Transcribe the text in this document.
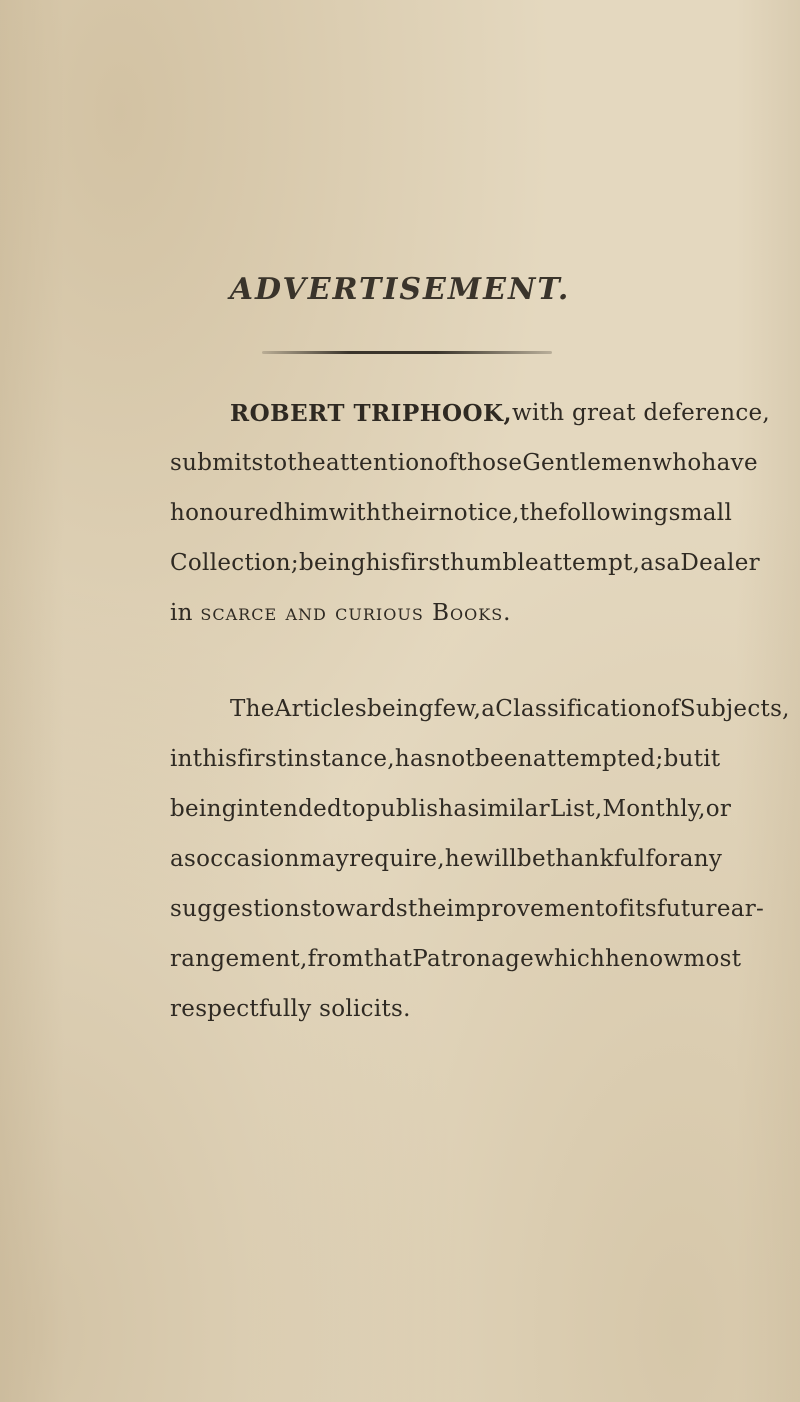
ADVERTISEMENT.
ROBERT TRIPHOOK, with great deference,
submits to the attention of those Gentlemen who have
honoured him with their notice, the following small
Collection ; being his first humble attempt, as a Dealer
in
scarce and curious Books.
The Articles being few, a Classification of Subjects,
in this first instance, has not been attempted ; but it
being intended to publish a similar List, Monthly, or
as occasion may require, he will be thankful for any
suggestions towards the improvement of its future ar-
rangement, from that Patronage which he now most
respectfully solicits.
